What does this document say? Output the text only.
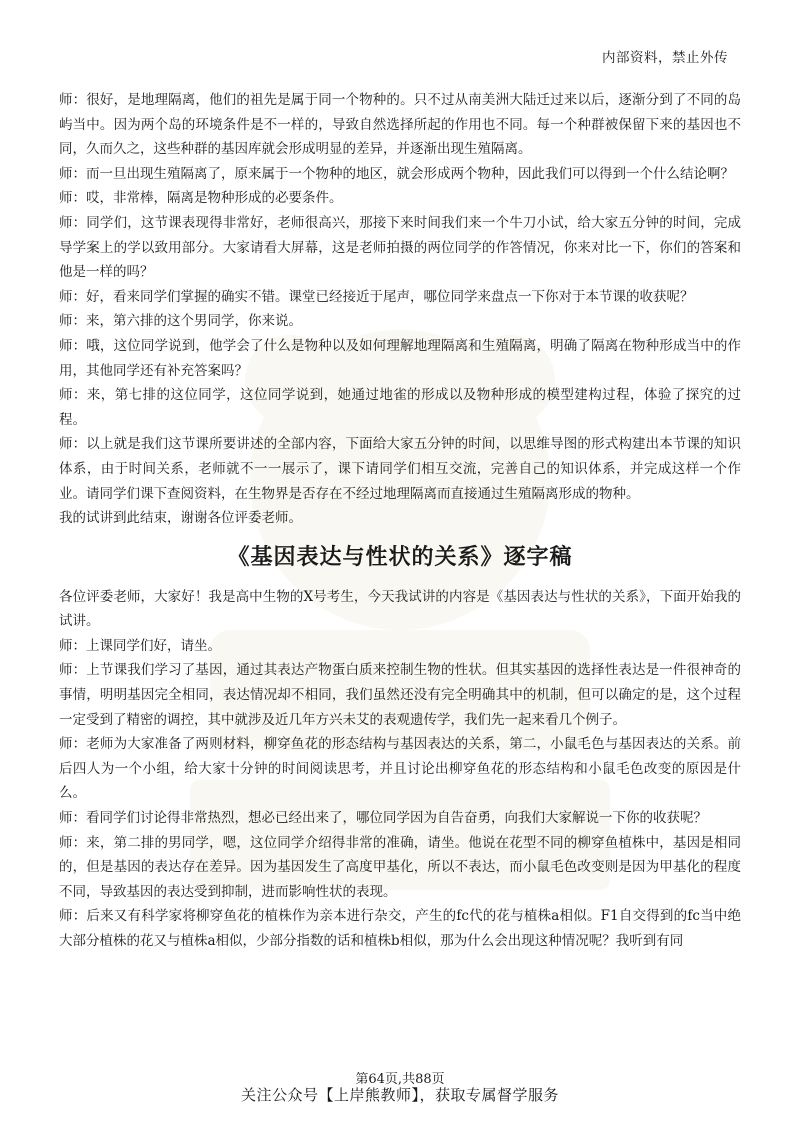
内部资料，禁止外传

师：很好，是地理隔离，他们的祖先是属于同一个物种的。只不过从南美洲大陆迁过来以后，逐渐分到了不同的岛屿当中。因为两个岛的环境条件是不一样的，导致自然选择所起的作用也不同。每一个种群被保留下来的基因也不同，久而久之，这些种群的基因库就会形成明显的差异，并逐渐出现生殖隔离。

师：而一旦出现生殖隔离了，原来属于一个物种的地区，就会形成两个物种，因此我们可以得到一个什么结论啊？

师：哎，非常棒，隔离是物种形成的必要条件。

师：同学们，这节课表现得非常好，老师很高兴，那接下来时间我们来一个牛刀小试，给大家五分钟的时间，完成导学案上的学以致用部分。大家请看大屏幕，这是老师拍摄的两位同学的作答情况，你来对比一下，你们的答案和他是一样的吗？

师：好，看来同学们掌握的确实不错。课堂已经接近于尾声，哪位同学来盘点一下你对于本节课的收获呢？

师：来，第六排的这个男同学，你来说。

师：哦，这位同学说到，他学会了什么是物种以及如何理解地理隔离和生殖隔离，明确了隔离在物种形成当中的作用，其他同学还有补充答案吗？

师：来，第七排的这位同学，这位同学说到，她通过地雀的形成以及物种形成的模型建构过程，体验了探究的过程。

师：以上就是我们这节课所要讲述的全部内容，下面给大家五分钟的时间，以思维导图的形式构建出本节课的知识体系，由于时间关系，老师就不一一展示了，课下请同学们相互交流，完善自己的知识体系，并完成这样一个作业。请同学们课下查阅资料，在生物界是否存在不经过地理隔离而直接通过生殖隔离形成的物种。

我的试讲到此结束，谢谢各位评委老师。

《基因表达与性状的关系》逐字稿

各位评委老师，大家好！我是高中生物的X号考生，今天我试讲的内容是《基因表达与性状的关系》，下面开始我的试讲。

师：上课同学们好，请坐。

师：上节课我们学习了基因，通过其表达产物蛋白质来控制生物的性状。但其实基因的选择性表达是一件很神奇的事情，明明基因完全相同，表达情况却不相同，我们虽然还没有完全明确其中的机制，但可以确定的是，这个过程一定受到了精密的调控，其中就涉及近几年方兴未艾的表观遗传学，我们先一起来看几个例子。

师：老师为大家准备了两则材料，柳穿鱼花的形态结构与基因表达的关系，第二，小鼠毛色与基因表达的关系。前后四人为一个小组，给大家十分钟的时间阅读思考，并且讨论出柳穿鱼花的形态结构和小鼠毛色改变的原因是什么。

师：看同学们讨论得非常热烈，想必已经出来了，哪位同学因为自告奋勇，向我们大家解说一下你的收获呢？

师：来，第二排的男同学，嗯，这位同学介绍得非常的准确，请坐。他说在花型不同的柳穿鱼植株中，基因是相同的，但是基因的表达存在差异。因为基因发生了高度甲基化，所以不表达，而小鼠毛色改变则是因为甲基化的程度不同，导致基因的表达受到抑制，进而影响性状的表现。

师：后来又有科学家将柳穿鱼花的植株作为亲本进行杂交，产生的fc代的花与植株a相似。F1自交得到的fc当中绝大部分植株的花又与植株a相似，少部分指数的话和植株b相似，那为什么会出现这种情况呢？我听到有同

第64页,共88页
关注公众号【上岸熊教师】，获取专属督学服务
